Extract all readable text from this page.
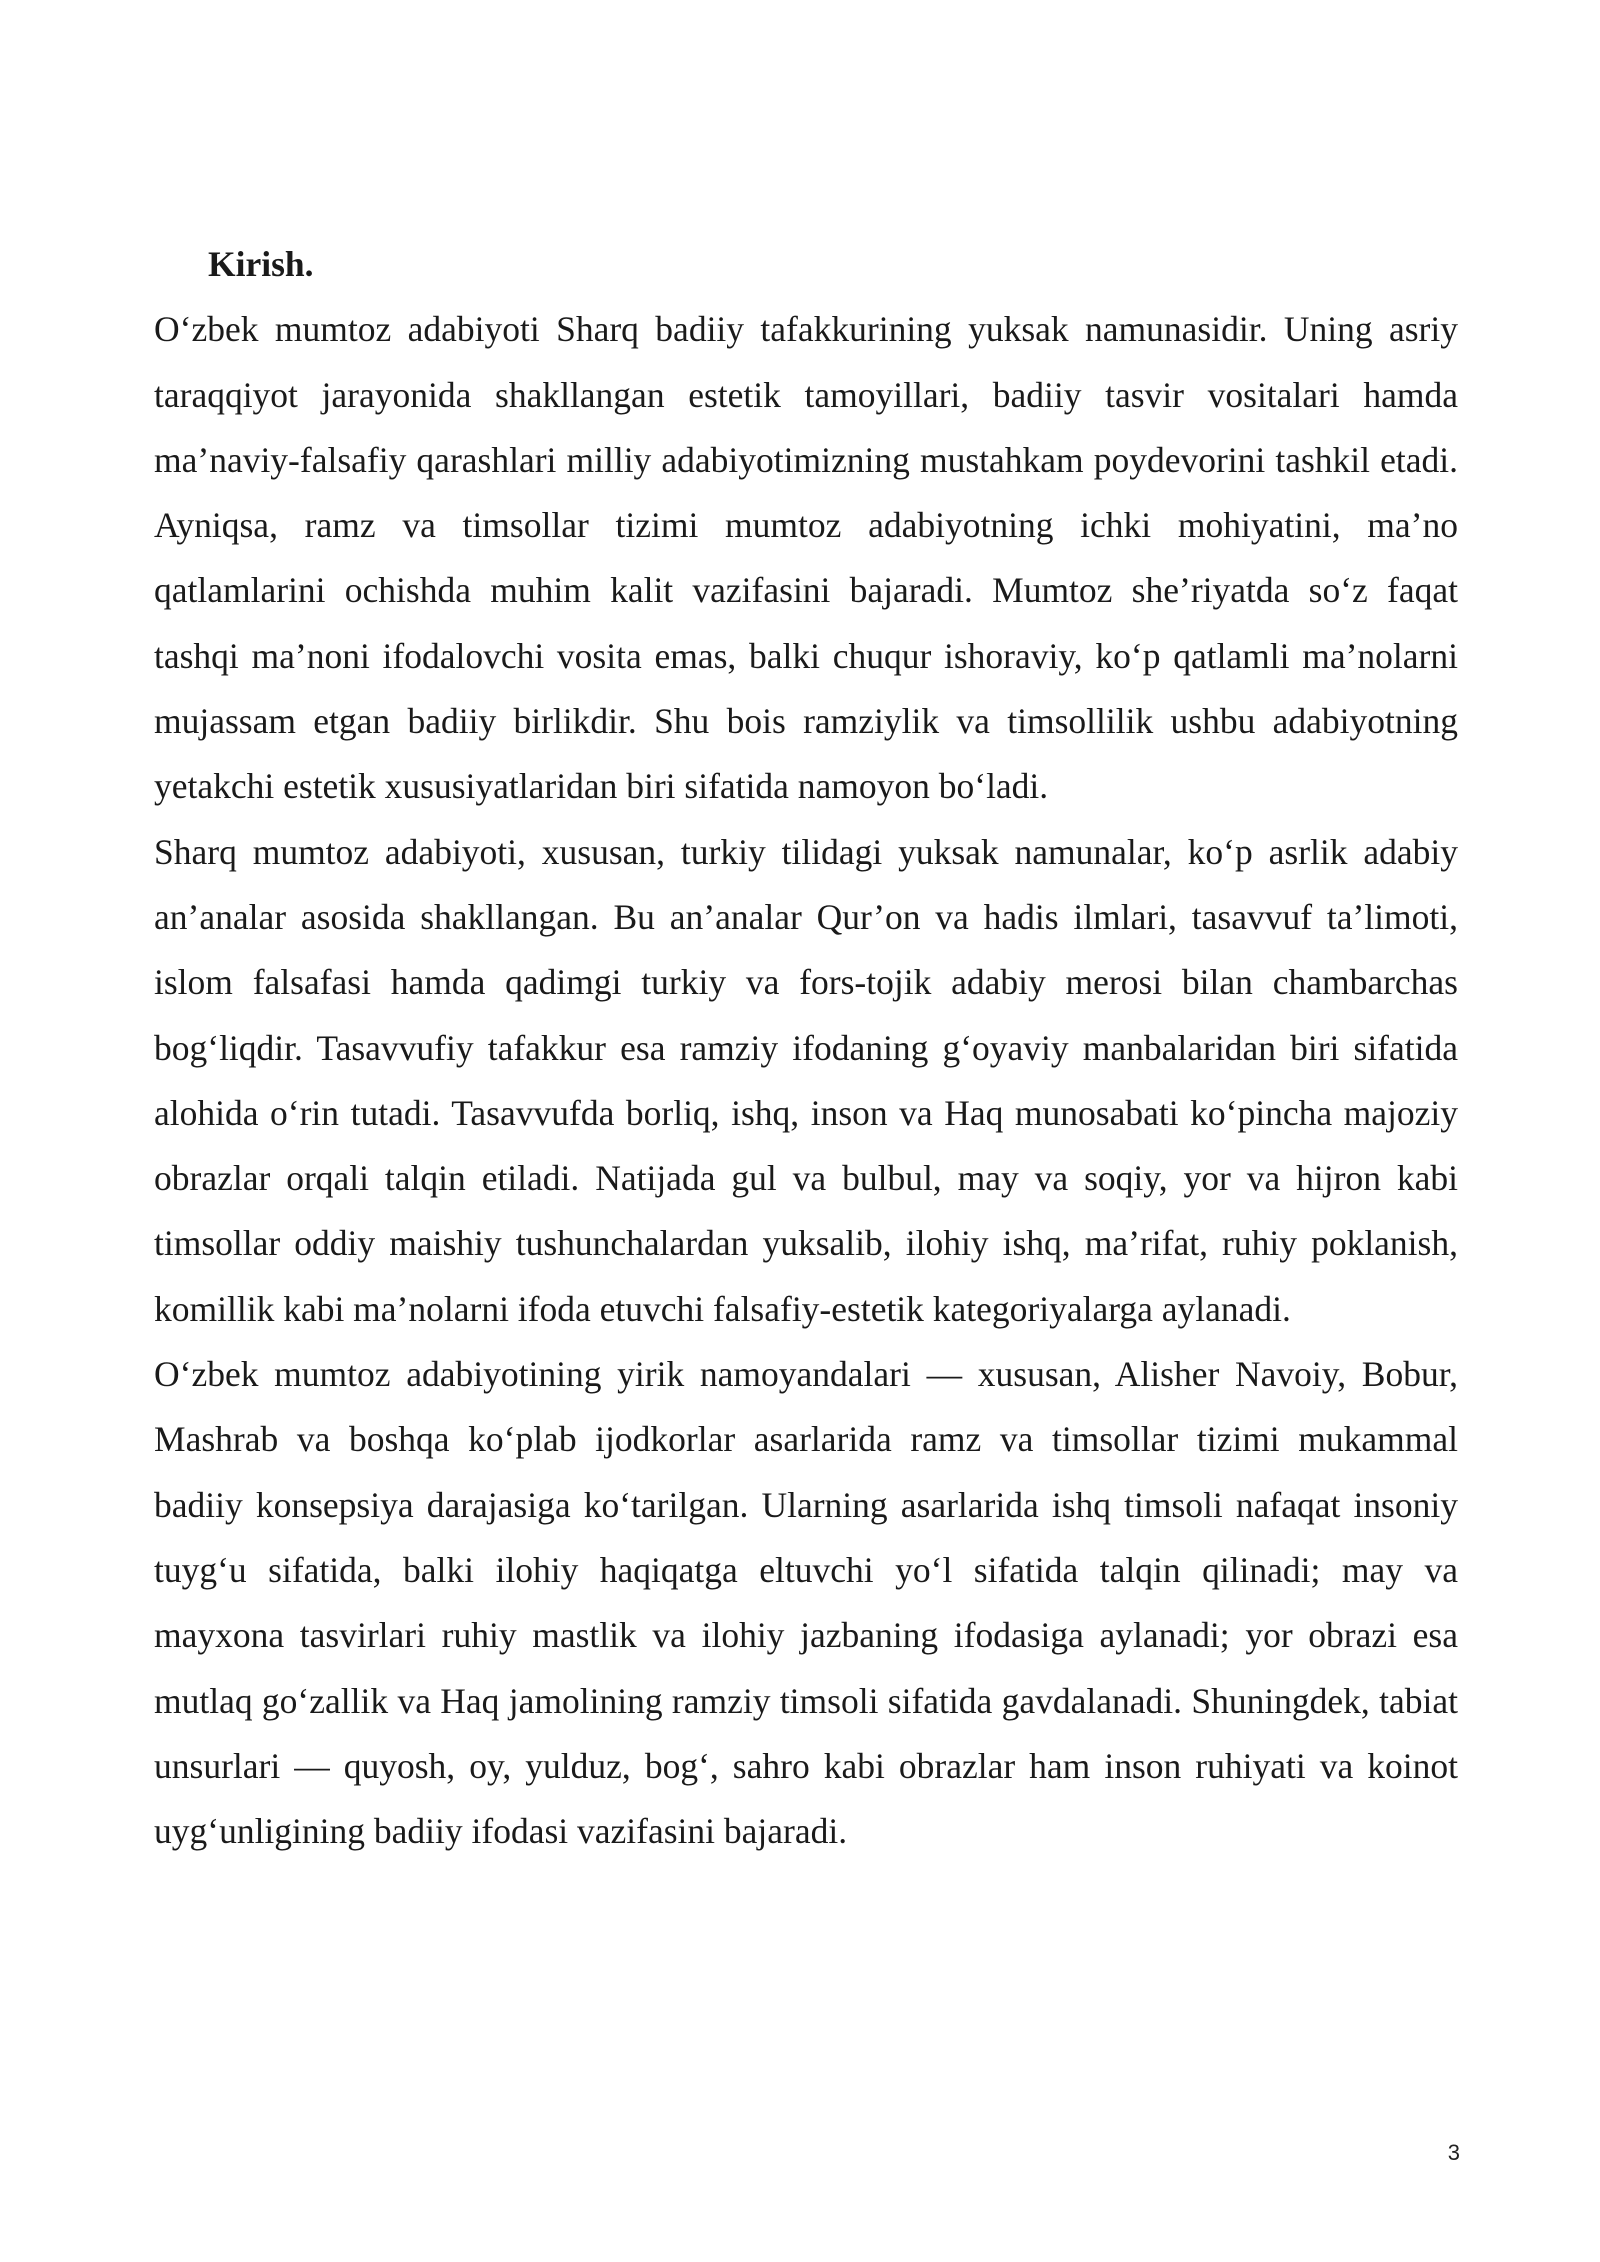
Kirish.

O‘zbek mumtoz adabiyoti Sharq badiiy tafakkurining yuksak namunasidir. Uning asriy taraqqiyot jarayonida shakllangan estetik tamoyillari, badiiy tasvir vositalari hamda ma’naviy-falsafiy qarashlari milliy adabiyotimizning mustahkam poydevorini tashkil etadi. Ayniqsa, ramz va timsollar tizimi mumtoz adabiyotning ichki mohiyatini, ma’no qatlamlarini ochishda muhim kalit vazifasini bajaradi. Mumtoz she’riyatda so‘z faqat tashqi ma’noni ifodalovchi vosita emas, balki chuqur ishoraviy, ko‘p qatlamli ma’nolarni mujassam etgan badiiy birlikdir. Shu bois ramziylik va timsollilik ushbu adabiyotning yetakchi estetik xususiyatlaridan biri sifatida namoyon bo‘ladi.

Sharq mumtoz adabiyoti, xususan, turkiy tilidagi yuksak namunalar, ko‘p asrlik adabiy an’analar asosida shakllangan. Bu an’analar Qur’on va hadis ilmlari, tasavvuf ta’limoti, islom falsafasi hamda qadimgi turkiy va fors-tojik adabiy merosi bilan chambarchas bog‘liqdir. Tasavvufiy tafakkur esa ramziy ifodaning g‘oyaviy manbalaridan biri sifatida alohida o‘rin tutadi. Tasavvufda borliq, ishq, inson va Haq munosabati ko‘pincha majoziy obrazlar orqali talqin etiladi. Natijada gul va bulbul, may va soqiy, yor va hijron kabi timsollar oddiy maishiy tushunchalardan yuksalib, ilohiy ishq, ma’rifat, ruhiy poklanish, komillik kabi ma’nolarni ifoda etuvchi falsafiy-estetik kategoriyalarga aylanadi.

O‘zbek mumtoz adabiyotining yirik namoyandalari — xususan, Alisher Navoiy, Bobur, Mashrab va boshqa ko‘plab ijodkorlar asarlarida ramz va timsollar tizimi mukammal badiiy konsepsiya darajasiga ko‘tarilgan. Ularning asarlarida ishq timsoli nafaqat insoniy tuyg‘u sifatida, balki ilohiy haqiqatga eltuvchi yo‘l sifatida talqin qilinadi; may va mayxona tasvirlari ruhiy mastlik va ilohiy jazbaning ifodasiga aylanadi; yor obrazi esa mutlaq go‘zallik va Haq jamolining ramziy timsoli sifatida gavdalanadi. Shuningdek, tabiat unsurlari — quyosh, oy, yulduz, bog‘, sahro kabi obrazlar ham inson ruhiyati va koinot uyg‘unligining badiiy ifodasi vazifasini bajaradi.

3
